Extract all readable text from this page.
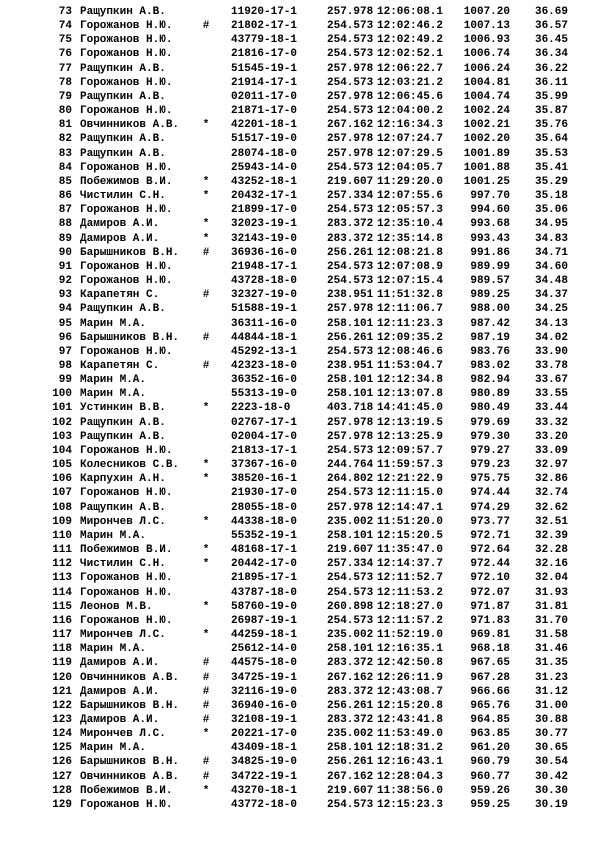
73 Ращупкин А.В.	11920-17-1	257.978 12:06:08.1	1007.20	36.69
74 Горожанов Н.Ю.	# 21802-17-1	254.573 12:02:46.2	1007.13	36.57
75 Горожанов Н.Ю.	43779-18-1	254.573 12:02:49.2	1006.93	36.45
76 Горожанов Н.Ю.	21816-17-0	254.573 12:02:52.1	1006.74	36.34
77 Ращупкин А.В.	51545-19-1	257.978 12:06:22.7	1006.24	36.22
78 Горожанов Н.Ю.	21914-17-1	254.573 12:03:21.2	1004.81	36.11
79 Ращупкин А.В.	02011-17-0	257.978 12:06:45.6	1004.74	35.99
80 Горожанов Н.Ю.	21871-17-0	254.573 12:04:00.2	1002.24	35.87
81 Овчинников А.В. * 42201-18-1	267.162 12:16:34.3	1002.21	35.76
82 Ращупкин А.В.	51517-19-0	257.978 12:07:24.7	1002.20	35.64
83 Ращупкин А.В.	28074-18-0	257.978 12:07:29.5	1001.89	35.53
84 Горожанов Н.Ю.	25943-14-0	254.573 12:04:05.7	1001.88	35.41
85 Побежимов В.И.	* 43252-18-1	219.607 11:29:20.0	1001.25	35.29
86 Чистилин С.Н.	* 20432-17-1	257.334 12:07:55.6	997.70	35.18
87 Горожанов Н.Ю.	21899-17-0	254.573 12:05:57.3	994.60	35.06
88 Дамиров А.И.	* 32023-19-1	283.372 12:35:10.4	993.68	34.95
89 Дамиров А.И.	* 32143-19-0	283.372 12:35:14.8	993.43	34.83
90 Барышников В.Н. # 36936-16-0	256.261 12:08:21.8	991.86	34.71
91 Горожанов Н.Ю.	21948-17-1	254.573 12:07:08.9	989.99	34.60
92 Горожанов Н.Ю.	43728-18-0	254.573 12:07:15.4	989.57	34.48
93 Карапетян С.	# 32327-19-0	238.951 11:51:32.8	989.25	34.37
94 Ращупкин А.В.	51588-19-1	257.978 12:11:06.7	988.00	34.25
95 Марин М.А.	36311-16-0	258.101 12:11:23.3	987.42	34.13
96 Барышников В.Н. # 44844-18-1	256.261 12:09:35.2	987.19	34.02
97 Горожанов Н.Ю.	45292-13-1	254.573 12:08:46.6	983.76	33.90
98 Карапетян С.	# 42323-18-0	238.951 11:53:04.7	983.02	33.78
99 Марин М.А.	36352-16-0	258.101 12:12:34.8	982.94	33.67
100 Марин М.А.	55313-19-0	258.101 12:13:07.8	980.89	33.55
101 Устинкин В.В.	* 2223-18-0	403.718 14:41:45.0	980.49	33.44
102 Ращупкин А.В.	02767-17-1	257.978 12:13:19.5	979.69	33.32
103 Ращупкин А.В.	02004-17-0	257.978 12:13:25.9	979.30	33.20
104 Горожанов Н.Ю.	21813-17-1	254.573 12:09:57.7	979.27	33.09
105 Колесников С.В. * 37367-16-0	244.764 11:59:57.3	979.23	32.97
106 Карпухин А.Н.	* 38520-16-1	264.802 12:21:22.9	975.75	32.86
107 Горожанов Н.Ю.	21930-17-0	254.573 12:11:15.0	974.44	32.74
108 Ращупкин А.В.	28055-18-0	257.978 12:14:47.1	974.29	32.62
109 Мирончев Л.С.	* 44338-18-0	235.002 11:51:20.0	973.77	32.51
110 Марин М.А.	55352-19-1	258.101 12:15:20.5	972.71	32.39
111 Побежимов В.И.	* 48168-17-1	219.607 11:35:47.0	972.64	32.28
112 Чистилин С.Н.	* 20442-17-0	257.334 12:14:37.7	972.44	32.16
113 Горожанов Н.Ю.	21895-17-1	254.573 12:11:52.7	972.10	32.04
114 Горожанов Н.Ю.	43787-18-0	254.573 12:11:53.2	972.07	31.93
115 Леонов М.В.	* 58760-19-0	260.898 12:18:27.0	971.87	31.81
116 Горожанов Н.Ю.	26987-19-1	254.573 12:11:57.2	971.83	31.70
117 Мирончев Л.С.	* 44259-18-1	235.002 11:52:19.0	969.81	31.58
118 Марин М.А.	25612-14-0	258.101 12:16:35.1	968.18	31.46
119 Дамиров А.И.	# 44575-18-0	283.372 12:42:50.8	967.65	31.35
120 Овчинников А.В. # 34725-19-1	267.162 12:26:11.9	967.28	31.23
121 Дамиров А.И.	# 32116-19-0	283.372 12:43:08.7	966.66	31.12
122 Барышников В.Н. # 36940-16-0	256.261 12:15:20.8	965.76	31.00
123 Дамиров А.И.	# 32108-19-1	283.372 12:43:41.8	964.85	30.88
124 Мирончев Л.С.	* 20221-17-0	235.002 11:53:49.0	963.85	30.77
125 Марин М.А.	43409-18-1	258.101 12:18:31.2	961.20	30.65
126 Барышников В.Н. # 34825-19-0	256.261 12:16:43.1	960.79	30.54
127 Овчинников А.В. # 34722-19-1	267.162 12:28:04.3	960.77	30.42
128 Побежимов В.И.	* 43270-18-1	219.607 11:38:56.0	959.26	30.30
129 Горожанов Н.Ю.	43772-18-0	254.573 12:15:23.3	959.25	30.19
